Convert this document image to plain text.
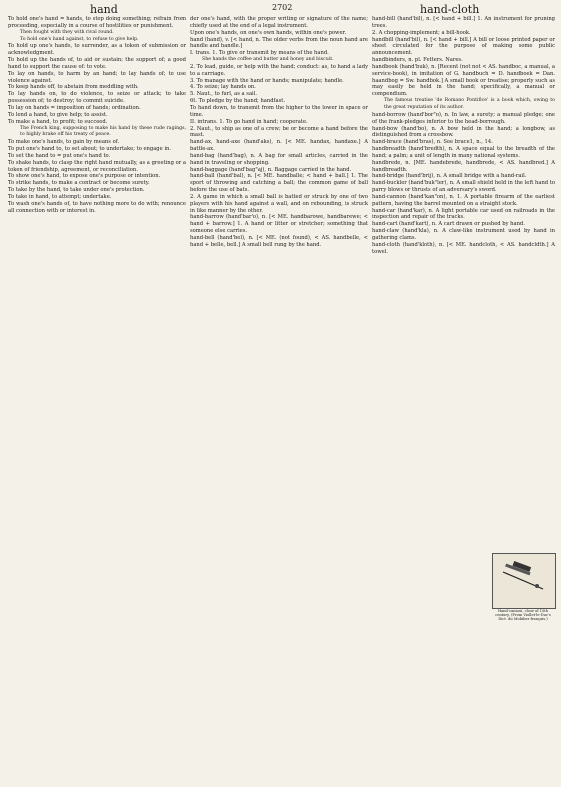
hand	2702	hand-cloth

To hold one's hand = hands, to stop doing something; refrain from proceeding, especially in a course of hostilities or punishment.

Then fought with they with rival round.

To hold one's hand against, to refuse to give help.

To hold up one's hands, to surrender, as a token of submission or acknowledgment.

To hold up the hands of, to aid or sustain; the support of; a good hand to support the cause of: to vote.

To lay on hands, to harm by an hand; to lay hands of; to use violence against.

To keep hands off, to abstain from meddling with.

To lay hands on, to do violence, to seize or attack; to take possession of; to destroy; to commit suicide.

To lay on hands = imposition of hands; ordination.

To lend a hand, to give help; to assist.

To make a hand, to profit; to succeed.

The French king, supposing to make his hand by these rude ragings, to highly brake off his treaty of peace.

To make one's hands, to gain by means of.

To put one's hand to, to set about; to undertake; to engage in.

To set the hand to = put one's hand to.

To shake hands, to clasp the right hand mutually, as a greeting or a token of friendship, agreement, or reconciliation.

To show one's hand, to expose one's purpose or intention.

To strike hands, to make a contract or become surety.

To take by the hand, to take under one's protection.

To take in hand, to attempt; undertake.

To wash one's hands of, to have nothing more to do with; renounce all connection with or interest in.

der one's hand, with the proper writing or signature of the name; chiefly used at the end of a legal instrument.

Upon one's hands, on one's own hands, within one's power.

hand (hand), v. [< hand, n. The older verbs from the noun hand are handle and handle.]

I. trans. 1. To give or transmit by means of the hand.

She hands the coffee and butter and honey and biscuit.

2. To lead, guide, or help with the hand; conduct: as, to hand a lady to a carriage.

3. To manage with the hand or hands; manipulate; handle.

4. To seize; lay hands on.

5. Naut., to furl, as a sail.

6t. To pledge by the hand; handfast.

To hand down, to transmit from the higher to the lower in space or time.

II. intrans. 1. To go hand in hand; cooperate.

2. Naut., to ship as one of a crew; be or become a hand before the mast.

hand-ax, hand-axe (hand'aks), n. [< ME. handax, handaxe.] A battle-ax.

hand-bag (hand'bag), n. A bag for small articles, carried in the hand in traveling or shopping.

hand-baggage (hand'bag"aj), n. Baggage carried in the hand.

hand-ball (hand'bal), n. [< ME. handballe; < hand + ball.] 1. The sport of throwing and catching a ball; the common game of ball before the use of bats.

2. A game in which a small ball is batted or struck by one of two players with his hand against a wall, and on rebounding, is struck in like manner by the other.

hand-barrow (hand'bar'o), n. [< ME. handbarowe, handbarewe; < hand + barrow.] 1. A hand or litter or stretcher; something that someone else carries.

hand-bell (hand'bel), n. [< ME. (not found), < AS. handbelle, < hand + belle, bell.] A small bell rung by the hand.

hand-bill (hand'bil), n. [< hand + bill.] 1. An instrument for pruning trees.

2. A chopping-implement; a bill-hook.

handbill (hand'bil), n. [< hand + bill.] A bill or loose printed paper or sheet circulated for the purpose of making some public announcement.

handbinders, n. pl. Fetters. Nares.

handbook (hand'buk), n. [Recent (not not < AS. handboc, a manual, a service-book), in imitation of G. handbuch = D. handboek = Dan. haandbog = Sw. handbok.] A small book or treatise; properly such as may easily be held in the hand; specifically, a manual or compendium.

The famous treatise 'de Romano Pontifice' is a book which, owing to the great reputation of its author.

hand-borrow (hand'bor"o), n. In law, a surety; a manual pledge; one of the frank-pledges inferior to the head-borrough.

hand-bow (hand'bo), n. A bow held in the hand; a longbow, as distinguished from a crossbow.

hand-brace (hand'bras), n. See brace1, n., 14.

handbreadth (hand'bredth), n. A space equal to the breadth of the hand; a palm; a unit of length in many national systems.

handbrede, n. [ME. handebrede, handbrede, < AS. handbred.] A handbreadth.

hand-bridge (hand'brij), n. A small bridge with a hand-rail.

hand-buckler (hand'buk"ler), n. A small shield held in the left hand to parry blows or thrusts of an adversary's sword.

hand-cannon (hand'kan"on), n. 1. A portable firearm of the earliest pattern, having the barrel mounted on a straight stock.

hand-car (hand'kar), n. A light portable car used on railroads in the inspection and repair of the tracks.

hand-cart (hand'kart), n. A cart drawn or pushed by hand.

hand-claw (hand'kla), n. A claw-like instrument used by hand in gathering clams.

hand-cloth (hand'kloth), n. [< ME. handcloth, < AS. handcldth.] A towel.

Hand-cannon, close of 15th century. (From Viollet-le-Duc's Dict. du Mobilier français.)
